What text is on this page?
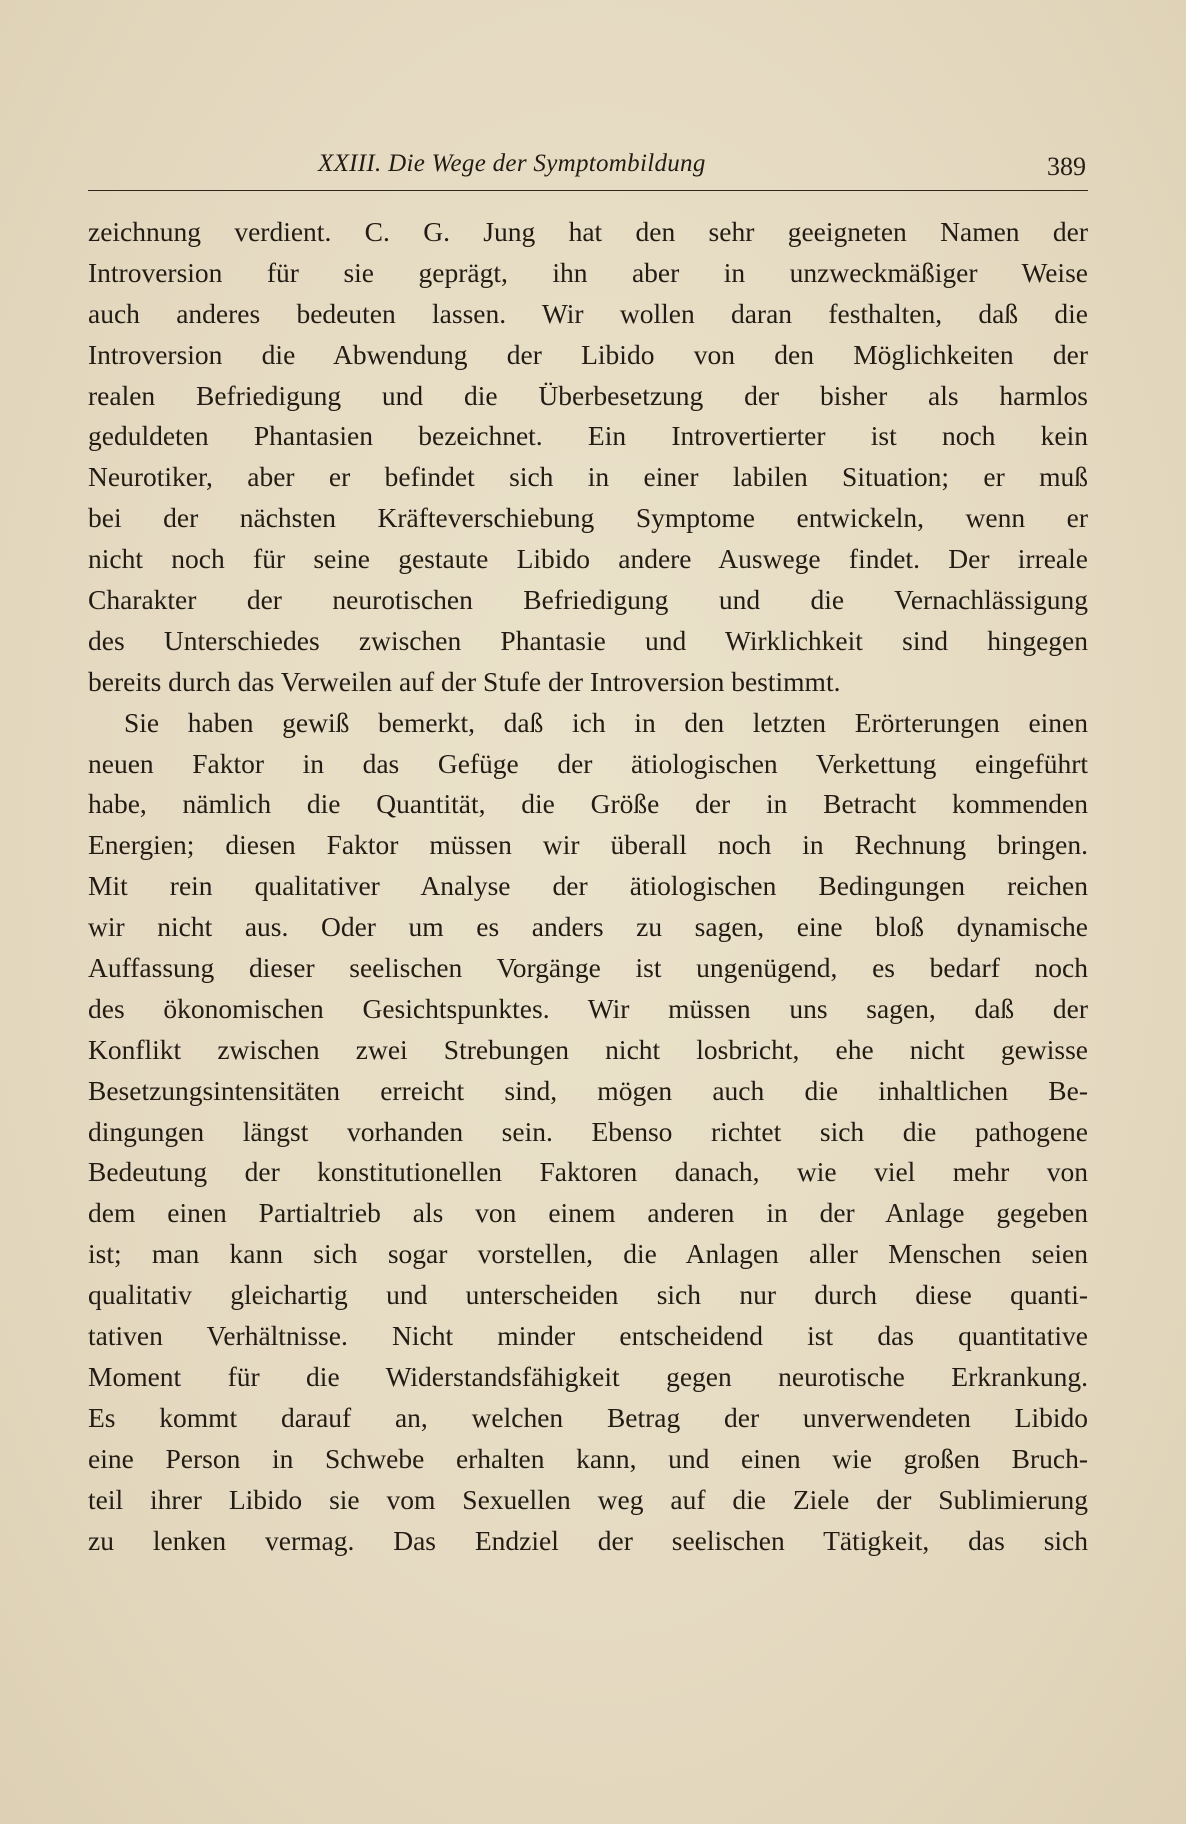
XXIII. Die Wege der Symptombildung	389
zeichnung verdient. C. G. Jung hat den sehr geeigneten Namen der
Introversion für sie geprägt, ihn aber in unzweckmäßiger Weise
auch anderes bedeuten lassen. Wir wollen daran festhalten, daß die
Introversion die Abwendung der Libido von den Möglichkeiten der
realen Befriedigung und die Überbesetzung der bisher als harmlos
geduldeten Phantasien bezeichnet. Ein Introvertierter ist noch kein
Neurotiker, aber er befindet sich in einer labilen Situation; er muß
bei der nächsten Kräfteverschiebung Symptome entwickeln, wenn er
nicht noch für seine gestaute Libido andere Auswege findet. Der irreale
Charakter der neurotischen Befriedigung und die Vernachlässigung
des Unterschiedes zwischen Phantasie und Wirklichkeit sind hingegen
bereits durch das Verweilen auf der Stufe der Introversion bestimmt.
Sie haben gewiß bemerkt, daß ich in den letzten Erörterungen einen
neuen Faktor in das Gefüge der ätiologischen Verkettung eingeführt
habe, nämlich die Quantität, die Größe der in Betracht kommenden
Energien; diesen Faktor müssen wir überall noch in Rechnung bringen.
Mit rein qualitativer Analyse der ätiologischen Bedingungen reichen
wir nicht aus. Oder um es anders zu sagen, eine bloß dynamische
Auffassung dieser seelischen Vorgänge ist ungenügend, es bedarf noch
des ökonomischen Gesichtspunktes. Wir müssen uns sagen, daß der
Konflikt zwischen zwei Strebungen nicht losbricht, ehe nicht gewisse
Besetzungsintensitäten erreicht sind, mögen auch die inhaltlichen Be-
dingungen längst vorhanden sein. Ebenso richtet sich die pathogene
Bedeutung der konstitutionellen Faktoren danach, wie viel mehr von
dem einen Partialtrieb als von einem anderen in der Anlage gegeben
ist; man kann sich sogar vorstellen, die Anlagen aller Menschen seien
qualitativ gleichartig und unterscheiden sich nur durch diese quanti-
tativen Verhältnisse. Nicht minder entscheidend ist das quantitative
Moment für die Widerstandsfähigkeit gegen neurotische Erkrankung.
Es kommt darauf an, welchen Betrag der unverwendeten Libido
eine Person in Schwebe erhalten kann, und einen wie großen Bruch-
teil ihrer Libido sie vom Sexuellen weg auf die Ziele der Sublimierung
zu lenken vermag. Das Endziel der seelischen Tätigkeit, das sich
